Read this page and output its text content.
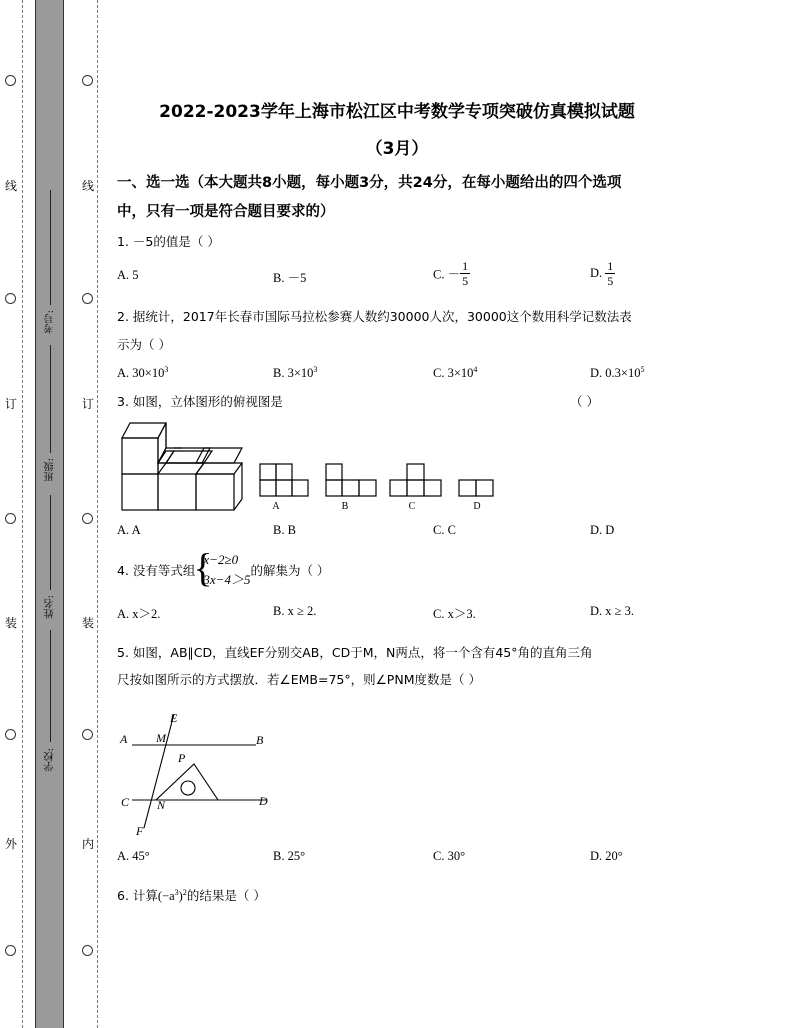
线
订
装
外
线
订
装
内
考号:
班级:
姓名:
学校:
2022-2023学年上海市松江区中考数学专项突破仿真模拟试题
（3月）
一、选一选（本大题共8小题，每小题3分，共24分，在每小题给出的四个选项
中，只有一项是符合题目要求的）
1. －5的值是（ ）
A. 5	B. －5	C. － $\frac{1}{5}$	D. $\frac{1}{5}$
2. 据统计，2017年长春市国际马拉松参赛人数约30000人次，30000这个数用科学记数法表
示为（ ）
A. $30\times 10^3$	B. $3\times 10^3$	C. $3\times 10^4$	D. $0.3\times 10^5$
3. 如图，立体图形的俯视图是	（ ）
A	B	C	D
A. A	B. B	C. C	D. D
4. 没有等式组
{
x−2≥0
3x−4＞5
的解集为（ ）
A. x＞2.	B. x ≥ 2.	C. x＞3.	D. x ≥ 3.
5. 如图，AB∥CD，直线EF分别交AB，CD于M，N两点，将一个含有45°角的直角三角
尺按如图所示的方式摆放．若∠EMB=75°，则∠PNM度数是（ ）
E
A M	B
P
C N	D
F
A. 45°	B. 25°	C. 30°	D. 20°
6. 计算$(-a^3)^2$的结果是（ ）
